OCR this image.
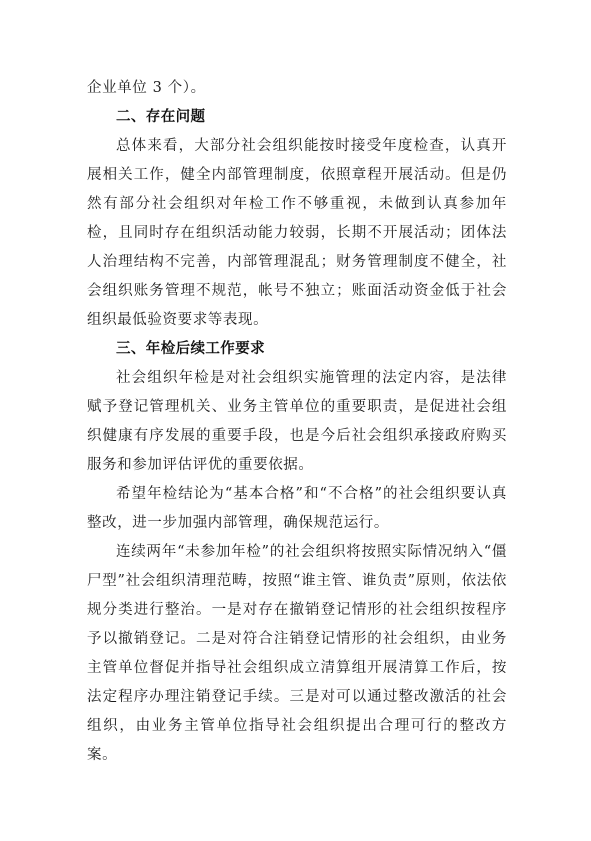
企业单位 3 个）。

二、存在问题

总体来看，大部分社会组织能按时接受年度检查，认真开展相关工作，健全内部管理制度，依照章程开展活动。但是仍然有部分社会组织对年检工作不够重视，未做到认真参加年检，且同时存在组织活动能力较弱，长期不开展活动；团体法人治理结构不完善，内部管理混乱；财务管理制度不健全，社会组织账务管理不规范，帐号不独立；账面活动资金低于社会组织最低验资要求等表现。

三、年检后续工作要求

社会组织年检是对社会组织实施管理的法定内容，是法律赋予登记管理机关、业务主管单位的重要职责，是促进社会组织健康有序发展的重要手段，也是今后社会组织承接政府购买服务和参加评估评优的重要依据。

希望年检结论为“基本合格”和“不合格”的社会组织要认真整改，进一步加强内部管理，确保规范运行。

连续两年“未参加年检”的社会组织将按照实际情况纳入“僵尸型”社会组织清理范畴，按照“谁主管、谁负责”原则，依法依规分类进行整治。一是对存在撤销登记情形的社会组织按程序予以撤销登记。二是对符合注销登记情形的社会组织，由业务主管单位督促并指导社会组织成立清算组开展清算工作后，按法定程序办理注销登记手续。三是对可以通过整改激活的社会组织，由业务主管单位指导社会组织提出合理可行的整改方案。
